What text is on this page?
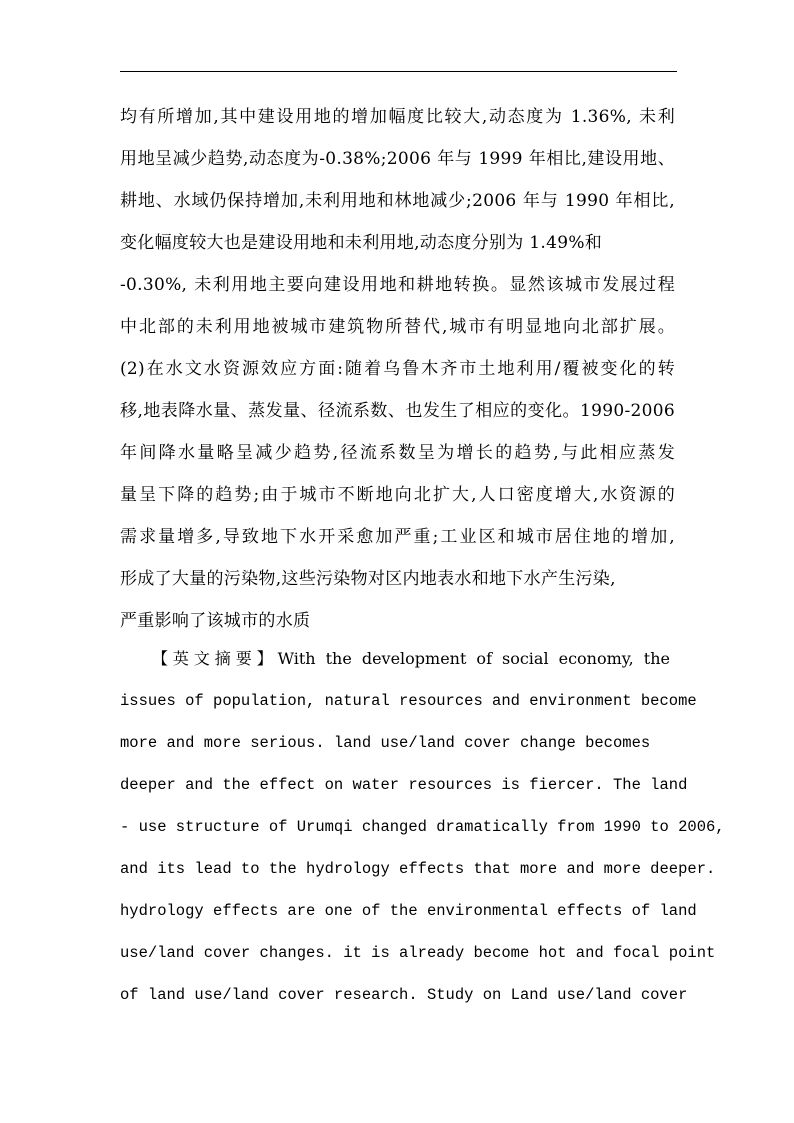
均有所增加,其中建设用地的增加幅度比较大,动态度为 1.36%, 未利
用地呈减少趋势,动态度为-0.38%;2006 年与 1999 年相比,建设用地、
耕地、水域仍保持增加,未利用地和林地减少;2006 年与 1990 年相比,
变化幅度较大也是建设用地和未利用地,动态度分别为 1.49%和
-0.30%, 未利用地主要向建设用地和耕地转换。显然该城市发展过程
中北部的未利用地被城市建筑物所替代,城市有明显地向北部扩展。
(2)在水文水资源效应方面:随着乌鲁木齐市土地利用/覆被变化的转
移,地表降水量、蒸发量、径流系数、也发生了相应的变化。1990-2006
年间降水量略呈减少趋势,径流系数呈为增长的趋势,与此相应蒸发
量呈下降的趋势;由于城市不断地向北扩大,人口密度增大,水资源的
需求量增多,导致地下水开采愈加严重;工业区和城市居住地的增加,
形成了大量的污染物,这些污染物对区内地表水和地下水产生污染,
严重影响了该城市的水质
【英文摘要】With the development of social economy, the
issues of population, natural resources and environment become
more and more serious. land use/land cover change becomes
deeper and the effect on water resources is fiercer. The land
- use structure of Urumqi changed dramatically from 1990 to 2006,
and its lead to the hydrology effects that more and more deeper.
hydrology effects are one of the environmental effects of land
use/land cover changes. it is already become hot and focal point
of land use/land cover research. Study on Land use/land cover
